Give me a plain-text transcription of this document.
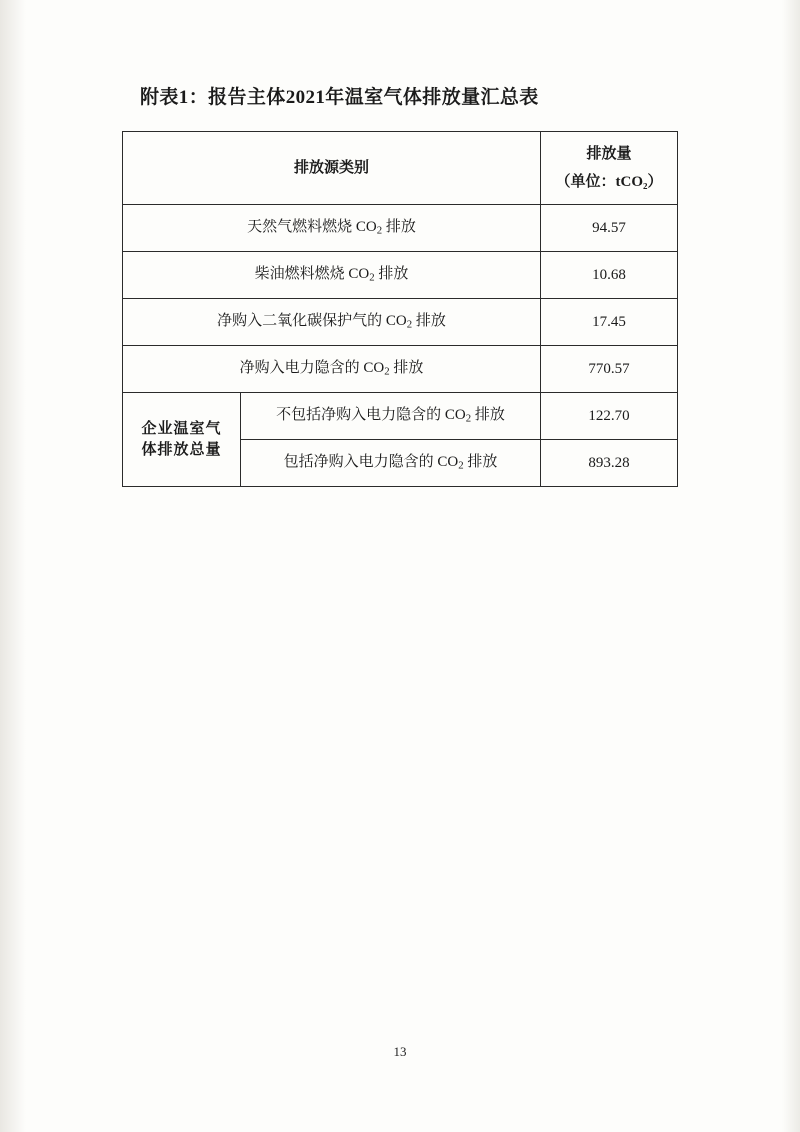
附表1：报告主体2021年温室气体排放量汇总表
排放源类别		排放量
（单位：tCO₂）

天然气燃料燃烧 $CO_2$ 排放		94.57
柴油燃料燃烧 $CO_2$ 排放		10.68
净购入二氧化碳保护气的 $CO_2$ 排放		17.45
净购入电力隐含的 $CO_2$ 排放		770.57

企业温室气
体排放总量	不包括净购入电力隐含的 $CO_2$ 排放	122.70
	包括净购入电力隐含的 $CO_2$ 排放	893.28
13
